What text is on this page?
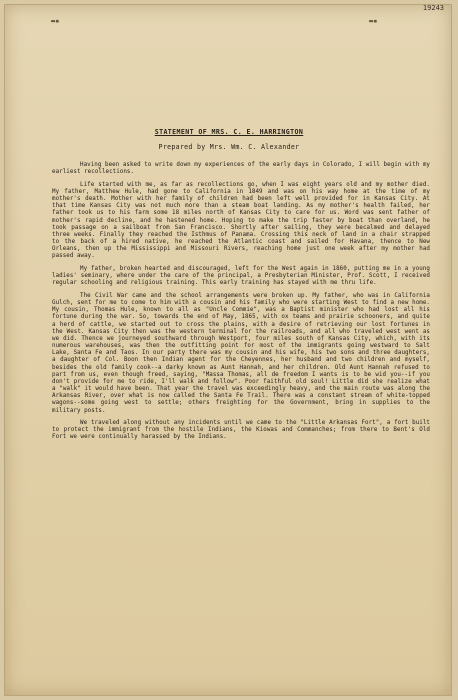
▬▪	▬▪
19243
STATEMENT OF MRS. C. E. HARRINGTON
Prepared by Mrs. Wm. C. Alexander

Having been asked to write down my experiences of the early days in Colorado, I will begin with my earliest recollections.

Life started with me, as far as recollections go, when I was eight years old and my mother died. My father, Matthew Hule, had gone to California in 1849 and was on his way home at the time of my mother's death. Mother with her family of children had been left well provided for in Kansas City. At that time Kansas City was not much more than a steam boat landing. As my mother's health failed, her father took us to his farm some 18 miles north of Kansas City to care for us. Word was sent father of mother's rapid decline, and he hastened home. Hoping to make the trip faster by boat than overland, he took passage on a sailboat from San Francisco. Shortly after sailing, they were becalmed and delayed three weeks. Finally they reached the Isthmus of Panama. Crossing this neck of land in a chair strapped to the back of a hired native, he reached the Atlantic coast and sailed for Havana, thence to New Orleans, then up the Mississippi and Missouri Rivers, reaching home just one week after my mother had passed away.

My father, broken hearted and discouraged, left for the West again in 1860, putting me in a young ladies' seminary, where under the care of the principal, a Presbyterian Minister, Prof. Scott, I received regular schooling and religious training. This early training has stayed with me thru life.

The Civil War came and the school arrangements were broken up. My father, who was in California Gulch, sent for me to come to him with a cousin and his family who were starting West to find a new home. My cousin, Thomas Hule, known to all as "Uncle Commie", was a Baptist minister who had lost all his fortune during the war. So, towards the end of May, 1865, with ox teams and prairie schooners, and quite a herd of cattle, we started out to cross the plains, with a desire of retrieving our lost fortunes in the West. Kansas City then was the western terminal for the railroads, and all who traveled west went as we did. Thence we journeyed southward through Westport, four miles south of Kansas City, which, with its numerous warehouses, was then the outfitting point for most of the immigrants going westward to Salt Lake, Santa Fe and Taos. In our party there was my cousin and his wife, his two sons and three daughters, a daughter of Col. Boon then Indian agent for the Cheyennes, her husband and two children and myself, besides the old family cook--a darky known as Aunt Hannah, and her children. Old Aunt Hannah refused to part from us, even though freed, saying, "Massa Thomas, all de freedom I wants is to be wid you--if you don't provide for me to ride, I'll walk and follow". Poor faithful old soul! Little did she realize what a "walk" it would have been. That year the travel was exceedingly heavy, and the main route was along the Arkansas River, over what is now called the Santa Fe Trail. There was a constant stream of white-topped wagons--some going west to settle; others freighting for the Government, bring in supplies to the military posts.

We traveled along without any incidents until we came to the "Little Arkansas Fort", a fort built to protect the immigrant from the hostile Indians, the Kiowas and Commanches; from there to Bent's Old Fort we were continually harassed by the Indians.
